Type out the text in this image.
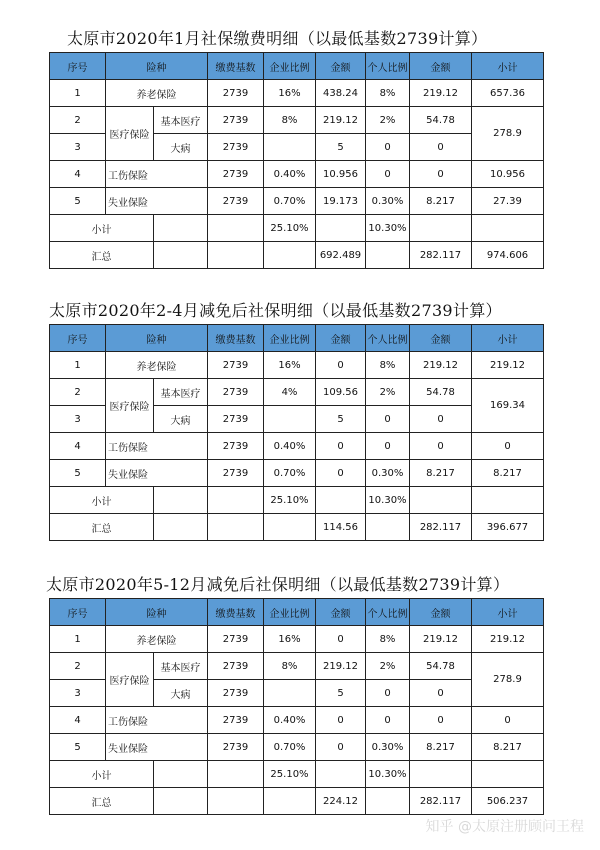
太原市2020年1月社保缴费明细（以最低基数2739计算）
序号	险种		缴费基数	企业比例	金额	个人比例	金额	小计
1	养老保险		2739	16%	438.24	8%	219.12	657.36
2	医疗保险	基本医疗	2739	8%	219.12	2%	54.78	278.9
3		大病	2739		5	0	0	
4	工伤保险		2739	0.40%	10.956	0	0	10.956
5	失业保险		2739	0.70%	19.173	0.30%	8.217	27.39
小计				25.10%		10.30%		
汇总					692.489		282.117	974.606
太原市2020年2-4月减免后社保明细（以最低基数2739计算）
序号	险种		缴费基数	企业比例	金额	个人比例	金额	小计
1	养老保险		2739	16%	0	8%	219.12	219.12
2	医疗保险	基本医疗	2739	4%	109.56	2%	54.78	169.34
3		大病	2739		5	0	0	
4	工伤保险		2739	0.40%	0	0	0	0
5	失业保险		2739	0.70%	0	0.30%	8.217	8.217
小计				25.10%		10.30%		
汇总					114.56		282.117	396.677
太原市2020年5-12月减免后社保明细（以最低基数2739计算）
序号	险种		缴费基数	企业比例	金额	个人比例	金额	小计
1	养老保险		2739	16%	0	8%	219.12	219.12
2	医疗保险	基本医疗	2739	8%	219.12	2%	54.78	278.9
3		大病	2739		5	0	0	
4	工伤保险		2739	0.40%	0	0	0	0
5	失业保险		2739	0.70%	0	0.30%	8.217	8.217
小计				25.10%		10.30%		
汇总					224.12		282.117	506.237
知乎 @太原注册顾问王程
